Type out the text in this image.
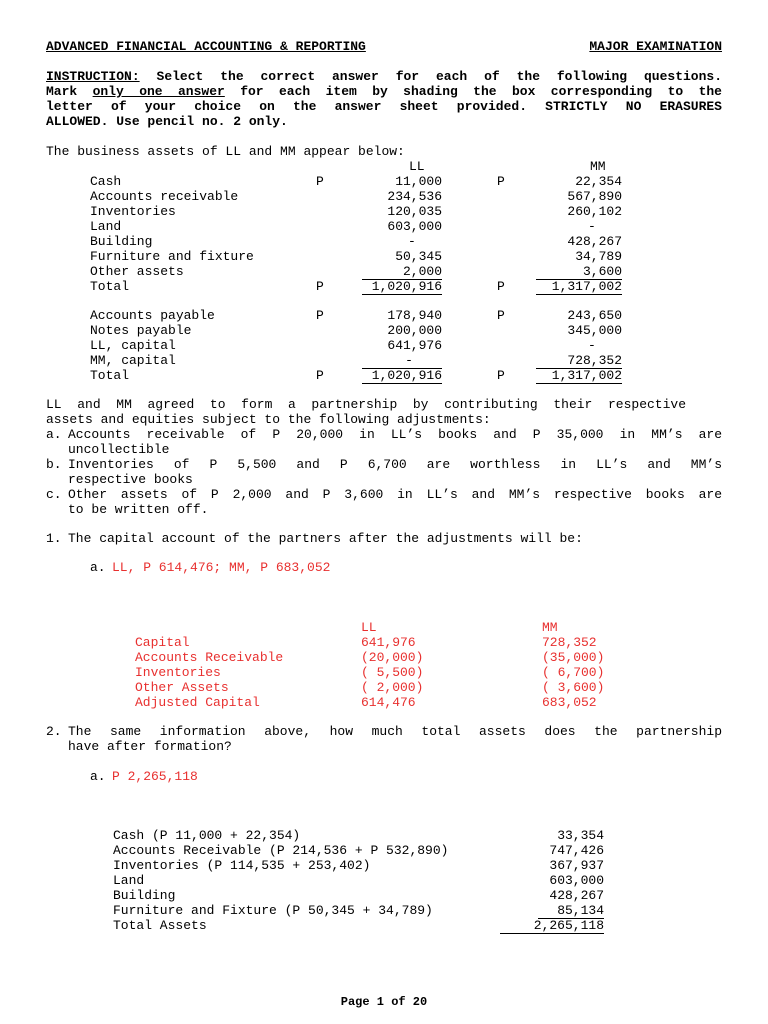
ADVANCED FINANCIAL ACCOUNTING & REPORTING	MAJOR EXAMINATION
INSTRUCTION: Select the correct answer for each of the following questions.
Mark only one answer for each item by shading the box corresponding to the
letter of your choice on the answer sheet provided. STRICTLY NO ERASURES
ALLOWED. Use pencil no. 2 only.
The business assets of LL and MM appear below:
LL	MM
Cash	P	11,000	P	22,354
Accounts receivable	234,536	567,890
Inventories	120,035	260,102
Land	603,000	-
Building	-	428,267
Furniture and fixture	50,345	34,789
Other assets	2,000	3,600
Total	P	1,020,916	P	1,317,002
Accounts payable	P	178,940	P	243,650
Notes payable	200,000	345,000
LL, capital	641,976	-
MM, capital	-	728,352
Total	P	1,020,916	P	1,317,002
LL and MM agreed to form a partnership by contributing their respective
assets and equities subject to the following adjustments:
a. Accounts receivable of P 20,000 in LL’s books and P 35,000 in MM’s are
uncollectible
b. Inventories of P 5,500 and P 6,700 are worthless in LL’s and MM’s
respective books
c. Other assets of P 2,000 and P 3,600 in LL’s and MM’s respective books are
to be written off.
1. The capital account of the partners after the adjustments will be:
a. LL, P 614,476; MM, P 683,052
LL	MM
Capital	641,976	728,352
Accounts Receivable	(20,000)	(35,000)
Inventories	( 5,500)	( 6,700)
Other Assets	( 2,000)	( 3,600)
Adjusted Capital	614,476	683,052
2. The same information above, how much total assets does the partnership
have after formation?
a. P 2,265,118
Cash (P 11,000 + 22,354)	33,354
Accounts Receivable (P 214,536 + P 532,890)	747,426
Inventories (P 114,535 + 253,402)	367,937
Land	603,000
Building	428,267
Furniture and Fixture (P 50,345 + 34,789)	85,134
Total Assets	2,265,118
Page 1 of 20
